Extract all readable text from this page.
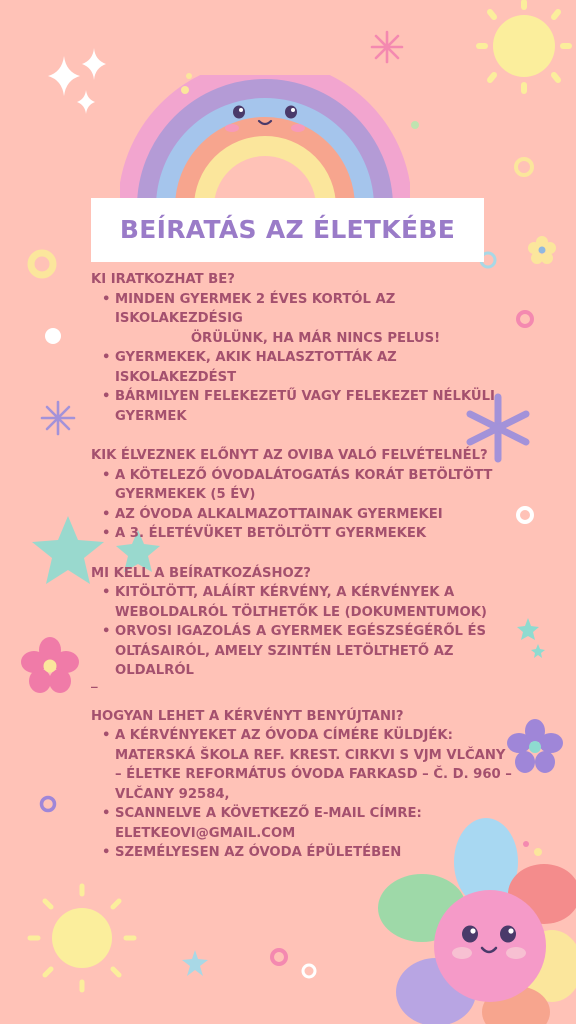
BEÍRATÁS AZ ÉLETKÉBE
KI IRATKOZHAT BE?
• MINDEN GYERMEK 2 ÉVES KORTÓL AZ ISKOLAKEZDÉSIG
ÖRÜLÜNK, HA MÁR NINCS PELUS!
• GYERMEKEK, AKIK HALASZTOTTÁK AZ ISKOLAKEZDÉST
• BÁRMILYEN FELEKEZETŰ VAGY FELEKEZET NÉLKÜLI GYERMEK
KIK ÉLVEZNEK ELŐNYT AZ OVIBA VALÓ FELVÉTELNÉL?
• A KÖTELEZŐ ÓVODALÁTOGATÁS KORÁT BETÖLTÖTT GYERMEKEK (5 ÉV)
• AZ ÓVODA ALKALMAZOTTAINAK GYERMEKEI
• A 3. ÉLETÉVÜKET BETÖLTÖTT GYERMEKEK
MI KELL A BEÍRATKOZÁSHOZ?
• KITÖLTÖTT, ALÁÍRT KÉRVÉNY, A KÉRVÉNYEK A WEBOLDALRÓL TÖLTHETŐK LE (DOKUMENTUMOK)
• ORVOSI IGAZOLÁS A GYERMEK EGÉSZSÉGÉRŐL ÉS OLTÁSAIRÓL, AMELY SZINTÉN LETÖLTHETŐ AZ OLDALRÓL
_
HOGYAN LEHET A KÉRVÉNYT BENYÚJTANI?
• A KÉRVÉNYEKET AZ ÓVODA CÍMÉRE KÜLDJÉK: MATERSKÁ ŠKOLA REF. KREST. CIRKVI S VJM VLČANY – ÉLETKE REFORMÁTUS ÓVODA FARKASD – Č. D. 960 – VLČANY 92584,
• SCANNELVE A KÖVETKEZŐ E-MAIL CÍMRE: ELETKEOVI@GMAIL.COM
• SZEMÉLYESEN AZ ÓVODA ÉPÜLETÉBEN
